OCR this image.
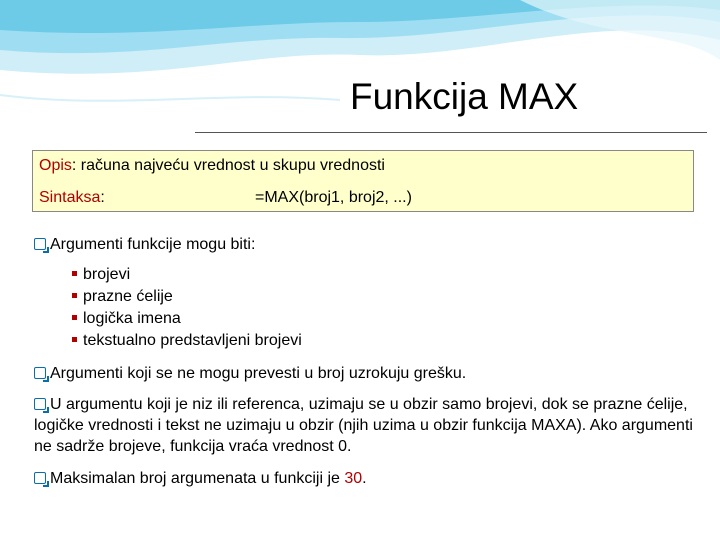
Funkcija MAX
Opis: računa najveću vrednost u skupu vrednosti
Sintaksa:	=MAX(broj1, broj2, ...)
Argumenti funkcije mogu biti:
brojevi
prazne ćelije
logička imena
tekstualno predstavljeni brojevi
Argumenti koji se ne mogu prevesti u broj uzrokuju grešku.
U argumentu koji je niz ili referenca, uzimaju se u obzir samo brojevi, dok se prazne ćelije, logičke vrednosti i tekst ne uzimaju u obzir (njih uzima u obzir funkcija MAXA). Ako argumenti ne sadrže brojeve, funkcija vraća vrednost 0.
Maksimalan broj argumenata u funkciji je 30.
